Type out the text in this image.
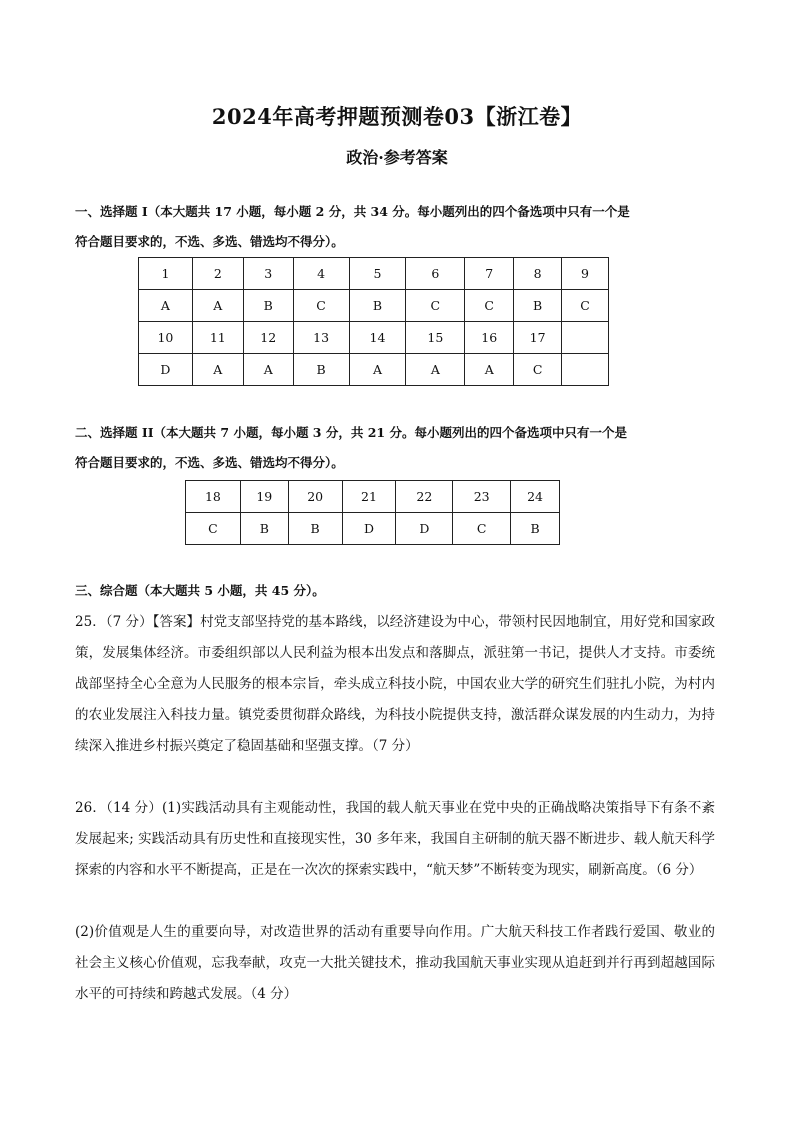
2024年高考押题预测卷03【浙江卷】
政治·参考答案
一、选择题 I（本大题共 17 小题，每小题 2 分，共 34 分。每小题列出的四个备选项中只有一个是
符合题目要求的，不选、多选、错选均不得分）。
1	2	3	4	5	6	7	8	9
A	A	B	C	B	C	C	B	C
10	11	12	13	14	15	16	17	
D	A	A	B	A	A	A	C	
二、选择题 II（本大题共 7 小题，每小题 3 分，共 21 分。每小题列出的四个备选项中只有一个是
符合题目要求的，不选、多选、错选均不得分）。
18	19	20	21	22	23	24
C	B	B	D	D	C	B
三、综合题（本大题共 5 小题，共 45 分）。
25．（7 分）【答案】村党支部坚持党的基本路线，以经济建设为中心，带领村民因地制宜，用好党和国家政策，发展集体经济。市委组织部以人民利益为根本出发点和落脚点，派驻第一书记，提供人才支持。市委统战部坚持全心全意为人民服务的根本宗旨，牵头成立科技小院，中国农业大学的研究生们驻扎小院，为村内的农业发展注入科技力量。镇党委贯彻群众路线，为科技小院提供支持，激活群众谋发展的内生动力，为持续深入推进乡村振兴奠定了稳固基础和坚强支撑。（7 分）
26．（14 分）(1)实践活动具有主观能动性，我国的载人航天事业在党中央的正确战略决策指导下有条不紊发展起来; 实践活动具有历史性和直接现实性，30 多年来，我国自主研制的航天器不断进步、载人航天科学探索的内容和水平不断提高，正是在一次次的探索实践中，“航天梦”不断转变为现实，刷新高度。（6 分）
(2)价值观是人生的重要向导，对改造世界的活动有重要导向作用。广大航天科技工作者践行爱国、敬业的社会主义核心价值观，忘我奉献，攻克一大批关键技术，推动我国航天事业实现从追赶到并行再到超越国际水平的可持续和跨越式发展。（4 分）
